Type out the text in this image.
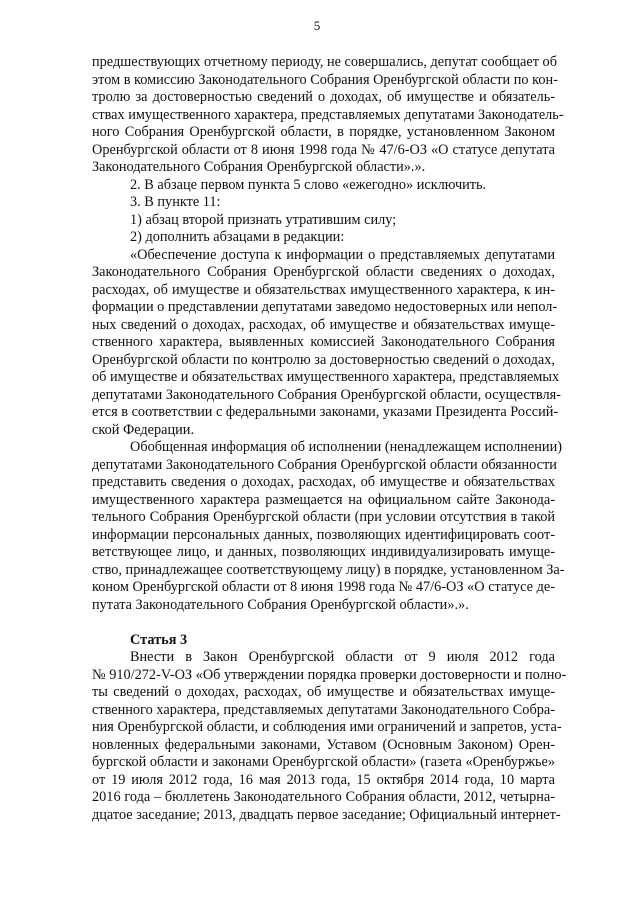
5
предшествующих отчетному периоду, не совершались, депутат сообщает об
этом в комиссию Законодательного Собрания Оренбургской области по кон-
тролю за достоверностью сведений о доходах, об имуществе и обязатель-
ствах имущественного характера, представляемых депутатами Законодатель-
ного Собрания Оренбургской области, в порядке, установленном Законом
Оренбургской области от 8 июня 1998 года № 47/6-ОЗ «О статусе депутата
Законодательного Собрания Оренбургской области».».
2. В абзаце первом пункта 5 слово «ежегодно» исключить.
3. В пункте 11:
1) абзац второй признать утратившим силу;
2) дополнить абзацами в редакции:
«Обеспечение доступа к информации о представляемых депутатами
Законодательного Собрания Оренбургской области сведениях о доходах,
расходах, об имуществе и обязательствах имущественного характера, к ин-
формации о представлении депутатами заведомо недостоверных или непол-
ных сведений о доходах, расходах, об имуществе и обязательствах имуще-
ственного характера, выявленных комиссией Законодательного Собрания
Оренбургской области по контролю за достоверностью сведений о доходах,
об имуществе и обязательствах имущественного характера, представляемых
депутатами Законодательного Собрания Оренбургской области, осуществля-
ется в соответствии с федеральными законами, указами Президента Россий-
ской Федерации.
Обобщенная информация об исполнении (ненадлежащем исполнении)
депутатами Законодательного Собрания Оренбургской области обязанности
представить сведения о доходах, расходах, об имуществе и обязательствах
имущественного характера размещается на официальном сайте Законода-
тельного Собрания Оренбургской области (при условии отсутствия в такой
информации персональных данных, позволяющих идентифицировать соот-
ветствующее лицо, и данных, позволяющих индивидуализировать имуще-
ство, принадлежащее соответствующему лицу) в порядке, установленном За-
коном Оренбургской области от 8 июня 1998 года № 47/6-ОЗ «О статусе де-
путата Законодательного Собрания Оренбургской области».».
Статья 3
Внести в Закон Оренбургской области от 9 июля 2012 года
№ 910/272-V-ОЗ «Об утверждении порядка проверки достоверности и полно-
ты сведений о доходах, расходах, об имуществе и обязательствах имуще-
ственного характера, представляемых депутатами Законодательного Собра-
ния Оренбургской области, и соблюдения ими ограничений и запретов, уста-
новленных федеральными законами, Уставом (Основным Законом) Орен-
бургской области и законами Оренбургской области» (газета «Оренбуржье»
от 19 июля 2012 года, 16 мая 2013 года, 15 октября 2014 года, 10 марта
2016 года – бюллетень Законодательного Собрания области, 2012, четырна-
дцатое заседание; 2013, двадцать первое заседание; Официальный интернет-
